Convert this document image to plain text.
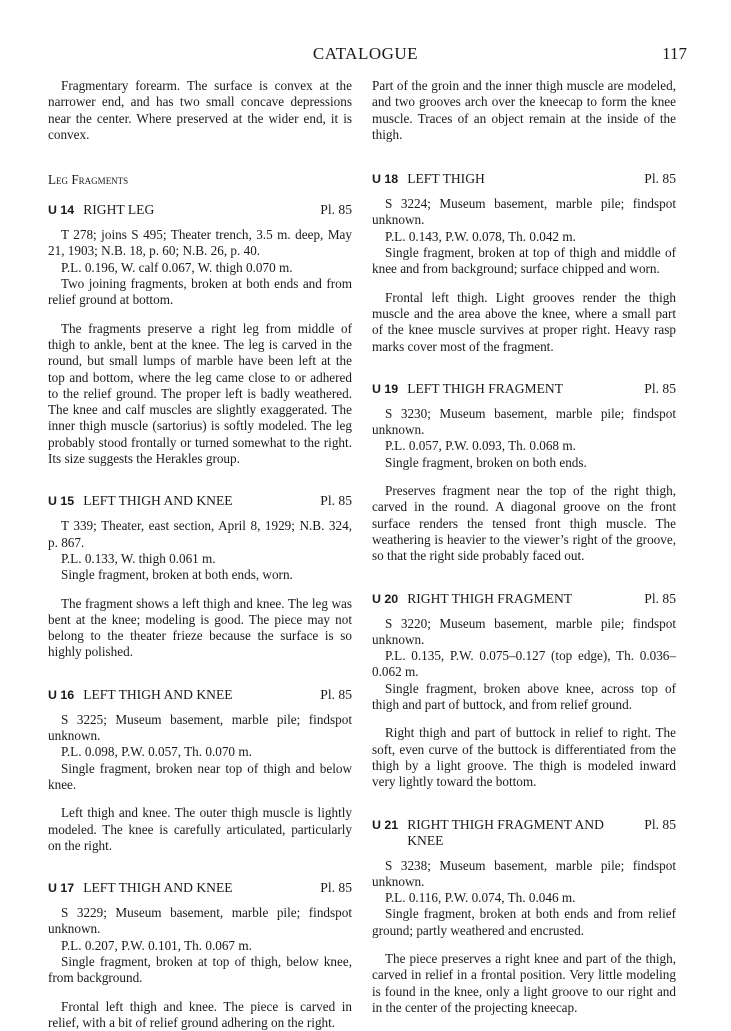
CATALOGUE	117

Fragmentary forearm. The surface is convex at the narrower end, and has two small concave depressions near the center. Where preserved at the wider end, it is convex.

Leg Fragments
U 14 RIGHT LEG	Pl. 85

T 278; joins S 495; Theater trench, 3.5 m. deep, May 21, 1903; N.B. 18, p. 60; N.B. 26, p. 40.

P.L. 0.196, W. calf 0.067, W. thigh 0.070 m.

Two joining fragments, broken at both ends and from relief ground at bottom.

The fragments preserve a right leg from middle of thigh to ankle, bent at the knee. The leg is carved in the round, but small lumps of marble have been left at the top and bottom, where the leg came close to or adhered to the relief ground. The proper left is badly weathered. The knee and calf muscles are slightly exaggerated. The inner thigh muscle (sartorius) is softly modeled. The leg probably stood frontally or turned somewhat to the right. Its size suggests the Herakles group.

U 15 LEFT THIGH AND KNEE	Pl. 85

T 339; Theater, east section, April 8, 1929; N.B. 324, p. 867.

P.L. 0.133, W. thigh 0.061 m.

Single fragment, broken at both ends, worn.

The fragment shows a left thigh and knee. The leg was bent at the knee; modeling is good. The piece may not belong to the theater frieze because the surface is so highly polished.

U 16 LEFT THIGH AND KNEE	Pl. 85

S 3225; Museum basement, marble pile; findspot unknown.

P.L. 0.098, P.W. 0.057, Th. 0.070 m.

Single fragment, broken near top of thigh and below knee.

Left thigh and knee. The outer thigh muscle is lightly modeled. The knee is carefully articulated, particularly on the right.

U 17 LEFT THIGH AND KNEE	Pl. 85

S 3229; Museum basement, marble pile; findspot unknown.

P.L. 0.207, P.W. 0.101, Th. 0.067 m.

Single fragment, broken at top of thigh, below knee, from background.

Frontal left thigh and knee. The piece is carved in relief, with a bit of relief ground adhering on the right.

Part of the groin and the inner thigh muscle are modeled, and two grooves arch over the kneecap to form the knee muscle. Traces of an object remain at the inside of the thigh.

U 18 LEFT THIGH	Pl. 85

S 3224; Museum basement, marble pile; findspot unknown.

P.L. 0.143, P.W. 0.078, Th. 0.042 m.

Single fragment, broken at top of thigh and middle of knee and from background; surface chipped and worn.

Frontal left thigh. Light grooves render the thigh muscle and the area above the knee, where a small part of the knee muscle survives at proper right. Heavy rasp marks cover most of the fragment.

U 19 LEFT THIGH FRAGMENT	Pl. 85

S 3230; Museum basement, marble pile; findspot unknown.

P.L. 0.057, P.W. 0.093, Th. 0.068 m.

Single fragment, broken on both ends.

Preserves fragment near the top of the right thigh, carved in the round. A diagonal groove on the front surface renders the tensed front thigh muscle. The weathering is heavier to the viewer’s right of the groove, so that the right side probably faced out.

U 20 RIGHT THIGH FRAGMENT	Pl. 85

S 3220; Museum basement, marble pile; findspot unknown.

P.L. 0.135, P.W. 0.075–0.127 (top edge), Th. 0.036–0.062 m.

Single fragment, broken above knee, across top of thigh and part of buttock, and from relief ground.

Right thigh and part of buttock in relief to right. The soft, even curve of the buttock is differentiated from the thigh by a light groove. The thigh is modeled inward very lightly toward the bottom.

U 21 RIGHT THIGH FRAGMENT AND KNEE
Pl. 85

S 3238; Museum basement, marble pile; findspot unknown.

P.L. 0.116, P.W. 0.074, Th. 0.046 m.

Single fragment, broken at both ends and from relief ground; partly weathered and encrusted.

The piece preserves a right knee and part of the thigh, carved in relief in a frontal position. Very little modeling is found in the knee, only a light groove to our right and in the center of the projecting kneecap.
